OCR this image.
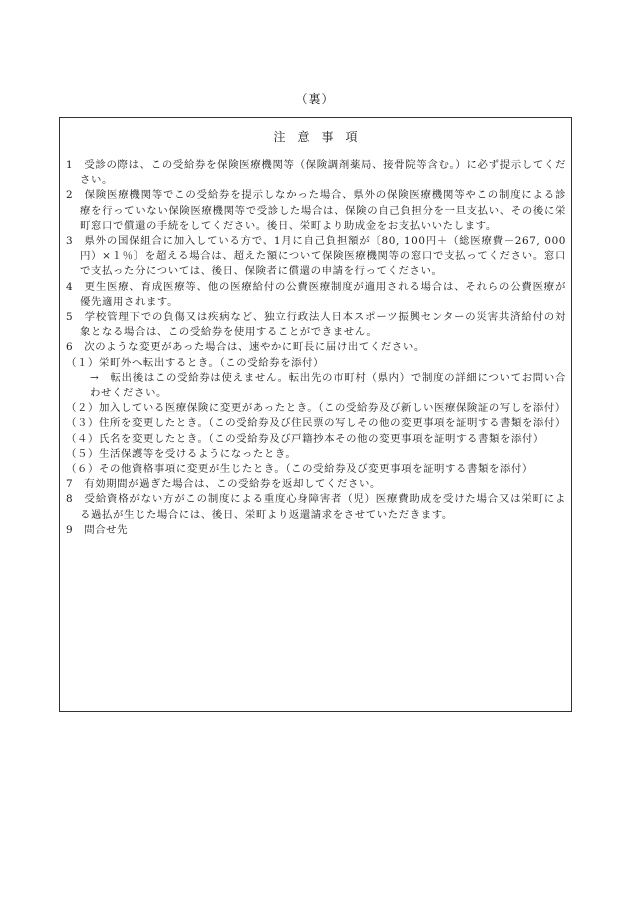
（裏）
注　意　事　項

1　受診の際は、この受給券を保険医療機関等（保険調剤薬局、接骨院等含む。）に必ず提示してください。

2　保険医療機関等でこの受給券を提示しなかった場合、県外の保険医療機関等やこの制度による診療を行っていない保険医療機関等で受診した場合は、保険の自己負担分を一旦支払い、その後に栄町窓口で償還の手続をしてください。後日、栄町より助成金をお支払いいたします。

3　県外の国保組合に加入している方で、1月に自己負担額が〔80, 100円＋（総医療費－267, 000円）×１％〕を超える場合は、超えた額について保険医療機関等の窓口で支払ってください。窓口で支払った分については、後日、保険者に償還の申請を行ってください。

4　更生医療、育成医療等、他の医療給付の公費医療制度が適用される場合は、それらの公費医療が優先適用されます。

5　学校管理下での負傷又は疾病など、独立行政法人日本スポーツ振興センターの災害共済給付の対象となる場合は、この受給券を使用することができません。

6　次のような変更があった場合は、速やかに町長に届け出てください。

（１）栄町外へ転出するとき。（この受給券を添付）

→　転出後はこの受給券は使えません。転出先の市町村（県内）で制度の詳細についてお問い合わせください。

（２）加入している医療保険に変更があったとき。（この受給券及び新しい医療保険証の写しを添付）

（３）住所を変更したとき。（この受給券及び住民票の写しその他の変更事項を証明する書類を添付）

（４）氏名を変更したとき。（この受給券及び戸籍抄本その他の変更事項を証明する書類を添付）

（５）生活保護等を受けるようになったとき。

（６）その他資格事項に変更が生じたとき。（この受給券及び変更事項を証明する書類を添付）

7　有効期間が過ぎた場合は、この受給券を返却してください。

8　受給資格がない方がこの制度による重度心身障害者（児）医療費助成を受けた場合又は栄町による過払が生じた場合には、後日、栄町より返還請求をさせていただきます。

9　問合せ先
